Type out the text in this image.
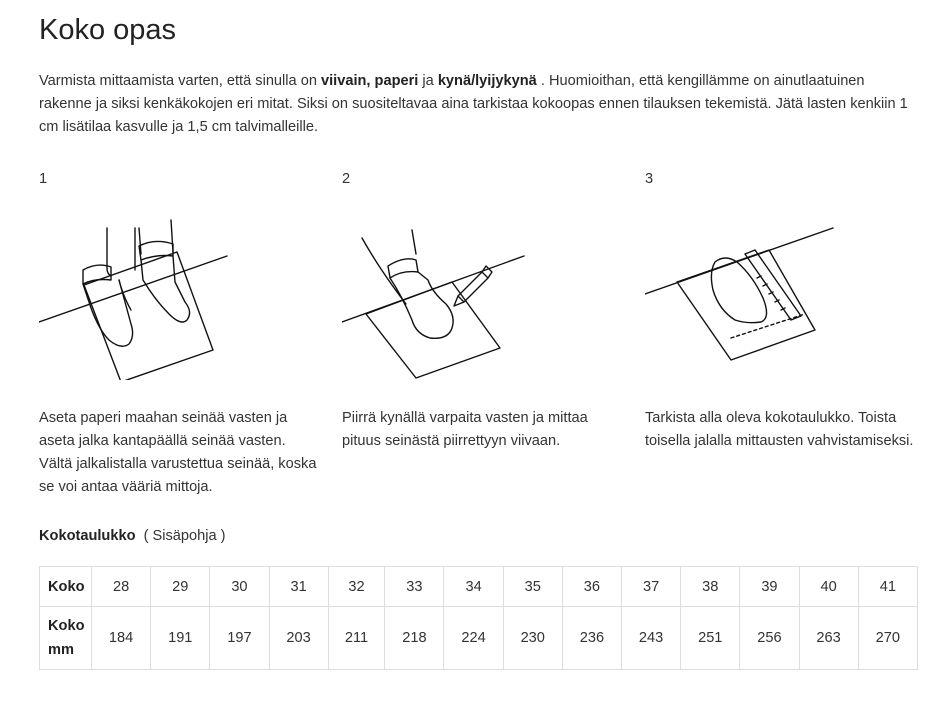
Koko opas

Varmista mittaamista varten, että sinulla on viivain, paperi ja kynä/lyijykynä . Huomioithan, että kengillämme on ainutlaatuinen rakenne ja siksi kenkäkokojen eri mitat. Siksi on suositeltavaa aina tarkistaa kokoopas ennen tilauksen tekemistä. Jätä lasten kenkiin 1 cm lisätilaa kasvulle ja 1,5 cm talvimalleille.

1
Aseta paperi maahan seinää vasten ja aseta jalka kantapäällä seinää vasten. Vältä jalkalistalla varustettua seinää, koska se voi antaa vääriä mittoja.
2
Piirrä kynällä varpaita vasten ja mittaa pituus seinästä piirrettyyn viivaan.
3
Tarkista alla oleva kokotaulukko. Toista toisella jalalla mittausten vahvistamiseksi.
Kokotaulukko ( Sisäpohja )
Koko	28	29	30	31	32	33	34	35	36	37	38	39	40	41
Koko
mm	184	191	197	203	211	218	224	230	236	243	251	256	263	270
